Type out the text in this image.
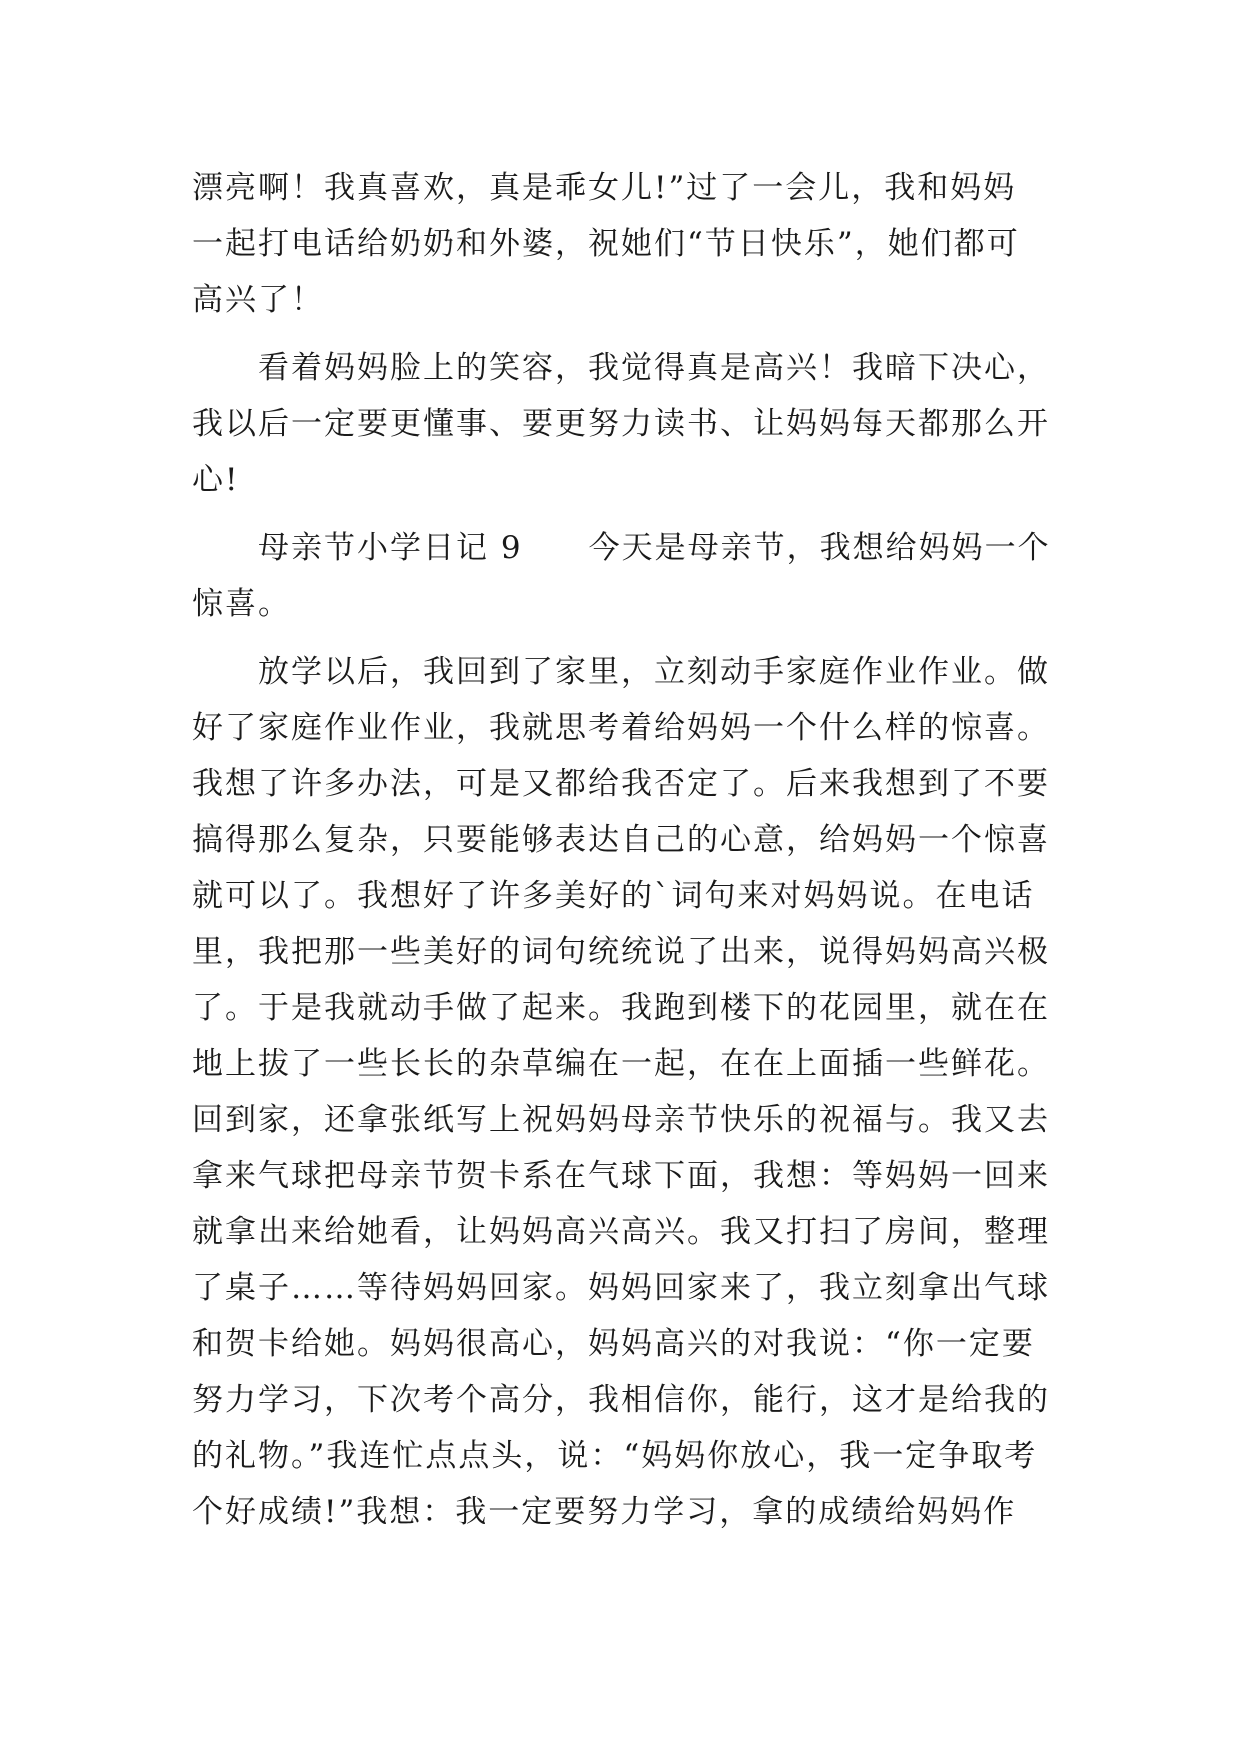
漂亮啊！我真喜欢，真是乖女儿!”过了一会儿，我和妈妈
一起打电话给奶奶和外婆，祝她们“节日快乐”，她们都可
高兴了！
看着妈妈脸上的笑容，我觉得真是高兴！我暗下决心，
我以后一定要更懂事、要更努力读书、让妈妈每天都那么开
心!
母亲节小学日记 9 今天是母亲节，我想给妈妈一个
惊喜。
放学以后，我回到了家里，立刻动手家庭作业作业。做
好了家庭作业作业，我就思考着给妈妈一个什么样的惊喜。
我想了许多办法，可是又都给我否定了。后来我想到了不要
搞得那么复杂，只要能够表达自己的心意，给妈妈一个惊喜
就可以了。我想好了许多美好的`词句来对妈妈说。在电话
里，我把那一些美好的词句统统说了出来，说得妈妈高兴极
了。于是我就动手做了起来。我跑到楼下的花园里，就在在
地上拔了一些长长的杂草编在一起，在在上面插一些鲜花。
回到家，还拿张纸写上祝妈妈母亲节快乐的祝福与。我又去
拿来气球把母亲节贺卡系在气球下面，我想：等妈妈一回来
就拿出来给她看，让妈妈高兴高兴。我又打扫了房间，整理
了桌子……等待妈妈回家。妈妈回家来了，我立刻拿出气球
和贺卡给她。妈妈很高心，妈妈高兴的对我说：“你一定要
努力学习，下次考个高分，我相信你，能行，这才是给我的
的礼物。”我连忙点点头，说：“妈妈你放心，我一定争取考
个好成绩!”我想：我一定要努力学习，拿的成绩给妈妈作
